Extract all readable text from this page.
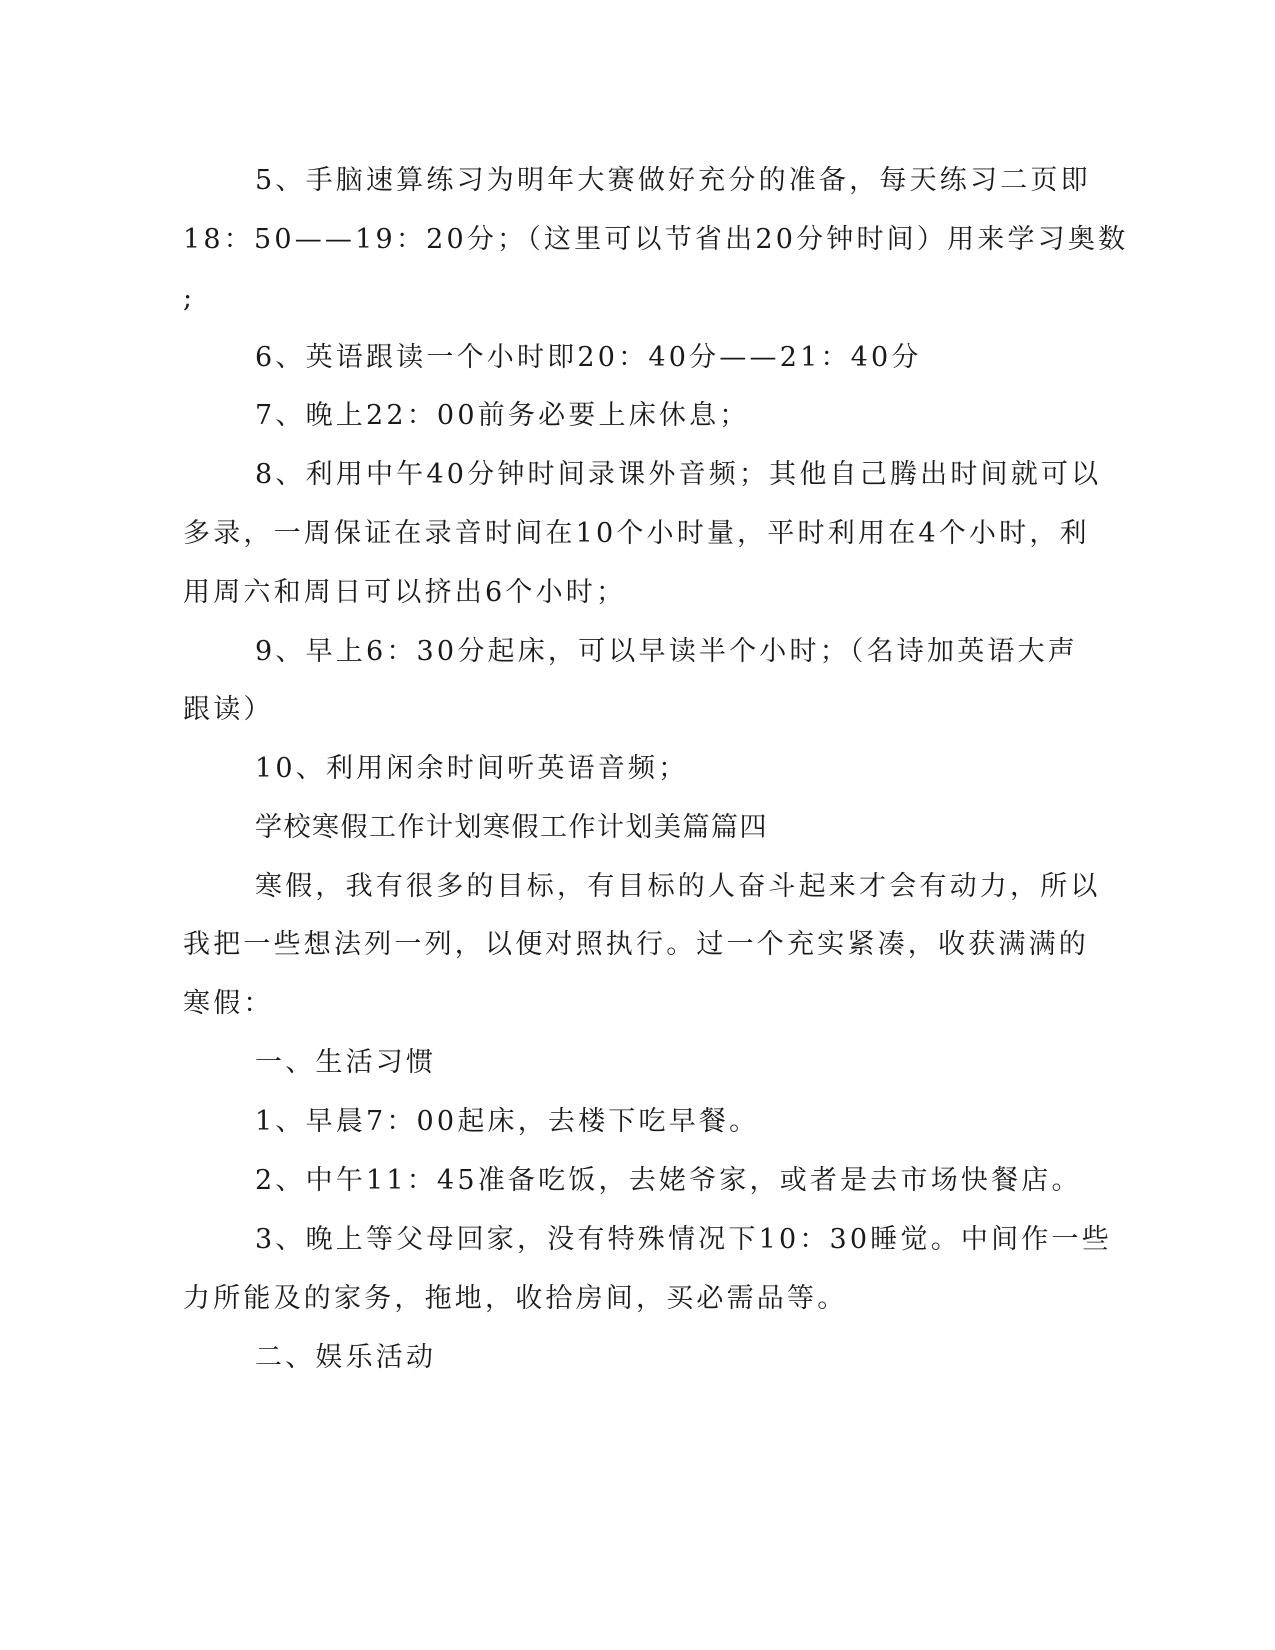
5、手脑速算练习为明年大赛做好充分的准备，每天练习二页即
18：50——19：20分；（这里可以节省出20分钟时间）用来学习奥数
;
6、英语跟读一个小时即20：40分——21：40分
7、晚上22：00前务必要上床休息；
8、利用中午40分钟时间录课外音频；其他自己腾出时间就可以
多录，一周保证在录音时间在10个小时量，平时利用在4个小时，利
用周六和周日可以挤出6个小时；
9、早上6：30分起床，可以早读半个小时；（名诗加英语大声
跟读）
10、利用闲余时间听英语音频；
学校寒假工作计划寒假工作计划美篇篇四
寒假，我有很多的目标，有目标的人奋斗起来才会有动力，所以
我把一些想法列一列，以便对照执行。过一个充实紧凑，收获满满的
寒假：
一、生活习惯
1、早晨7：00起床，去楼下吃早餐。
2、中午11：45准备吃饭，去姥爷家，或者是去市场快餐店。
3、晚上等父母回家，没有特殊情况下10：30睡觉。中间作一些
力所能及的家务，拖地，收拾房间，买必需品等。
二、娱乐活动
